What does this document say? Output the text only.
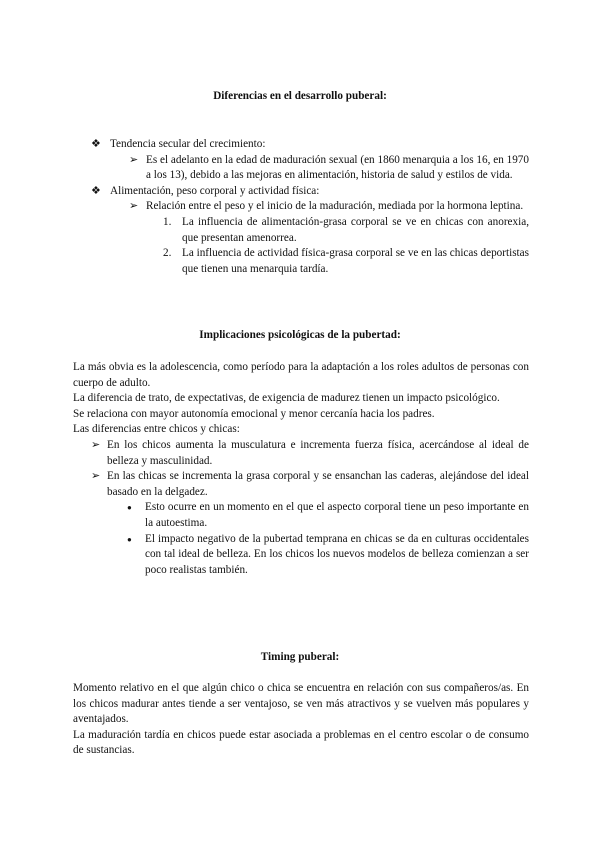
Diferencias en el desarrollo puberal:
❖ Tendencia secular del crecimiento:
➢ Es el adelanto en la edad de maduración sexual (en 1860 menarquia a los 16, en 1970 a los 13), debido a las mejoras en alimentación, historia de salud y estilos de vida.
❖ Alimentación, peso corporal y actividad física:
➢ Relación entre el peso y el inicio de la maduración, mediada por la hormona leptina.
1. La influencia de alimentación-grasa corporal se ve en chicas con anorexia, que presentan amenorrea.
2. La influencia de actividad física-grasa corporal se ve en las chicas deportistas que tienen una menarquia tardía.
Implicaciones psicológicas de la pubertad:

La más obvia es la adolescencia, como período para la adaptación a los roles adultos de personas con cuerpo de adulto.

La diferencia de trato, de expectativas, de exigencia de madurez tienen un impacto psicológico.

Se relaciona con mayor autonomía emocional y menor cercanía hacia los padres.

Las diferencias entre chicos y chicas:

➢ En los chicos aumenta la musculatura e incrementa fuerza física, acercándose al ideal de belleza y masculinidad.
➢ En las chicas se incrementa la grasa corporal y se ensanchan las caderas, alejándose del ideal basado en la delgadez.
● Esto ocurre en un momento en el que el aspecto corporal tiene un peso importante en la autoestima.
● El impacto negativo de la pubertad temprana en chicas se da en culturas occidentales con tal ideal de belleza. En los chicos los nuevos modelos de belleza comienzan a ser poco realistas también.
Timing puberal:

Momento relativo en el que algún chico o chica se encuentra en relación con sus compañeros/as. En los chicos madurar antes tiende a ser ventajoso, se ven más atractivos y se vuelven más populares y aventajados.

La maduración tardía en chicos puede estar asociada a problemas en el centro escolar o de consumo de sustancias.
